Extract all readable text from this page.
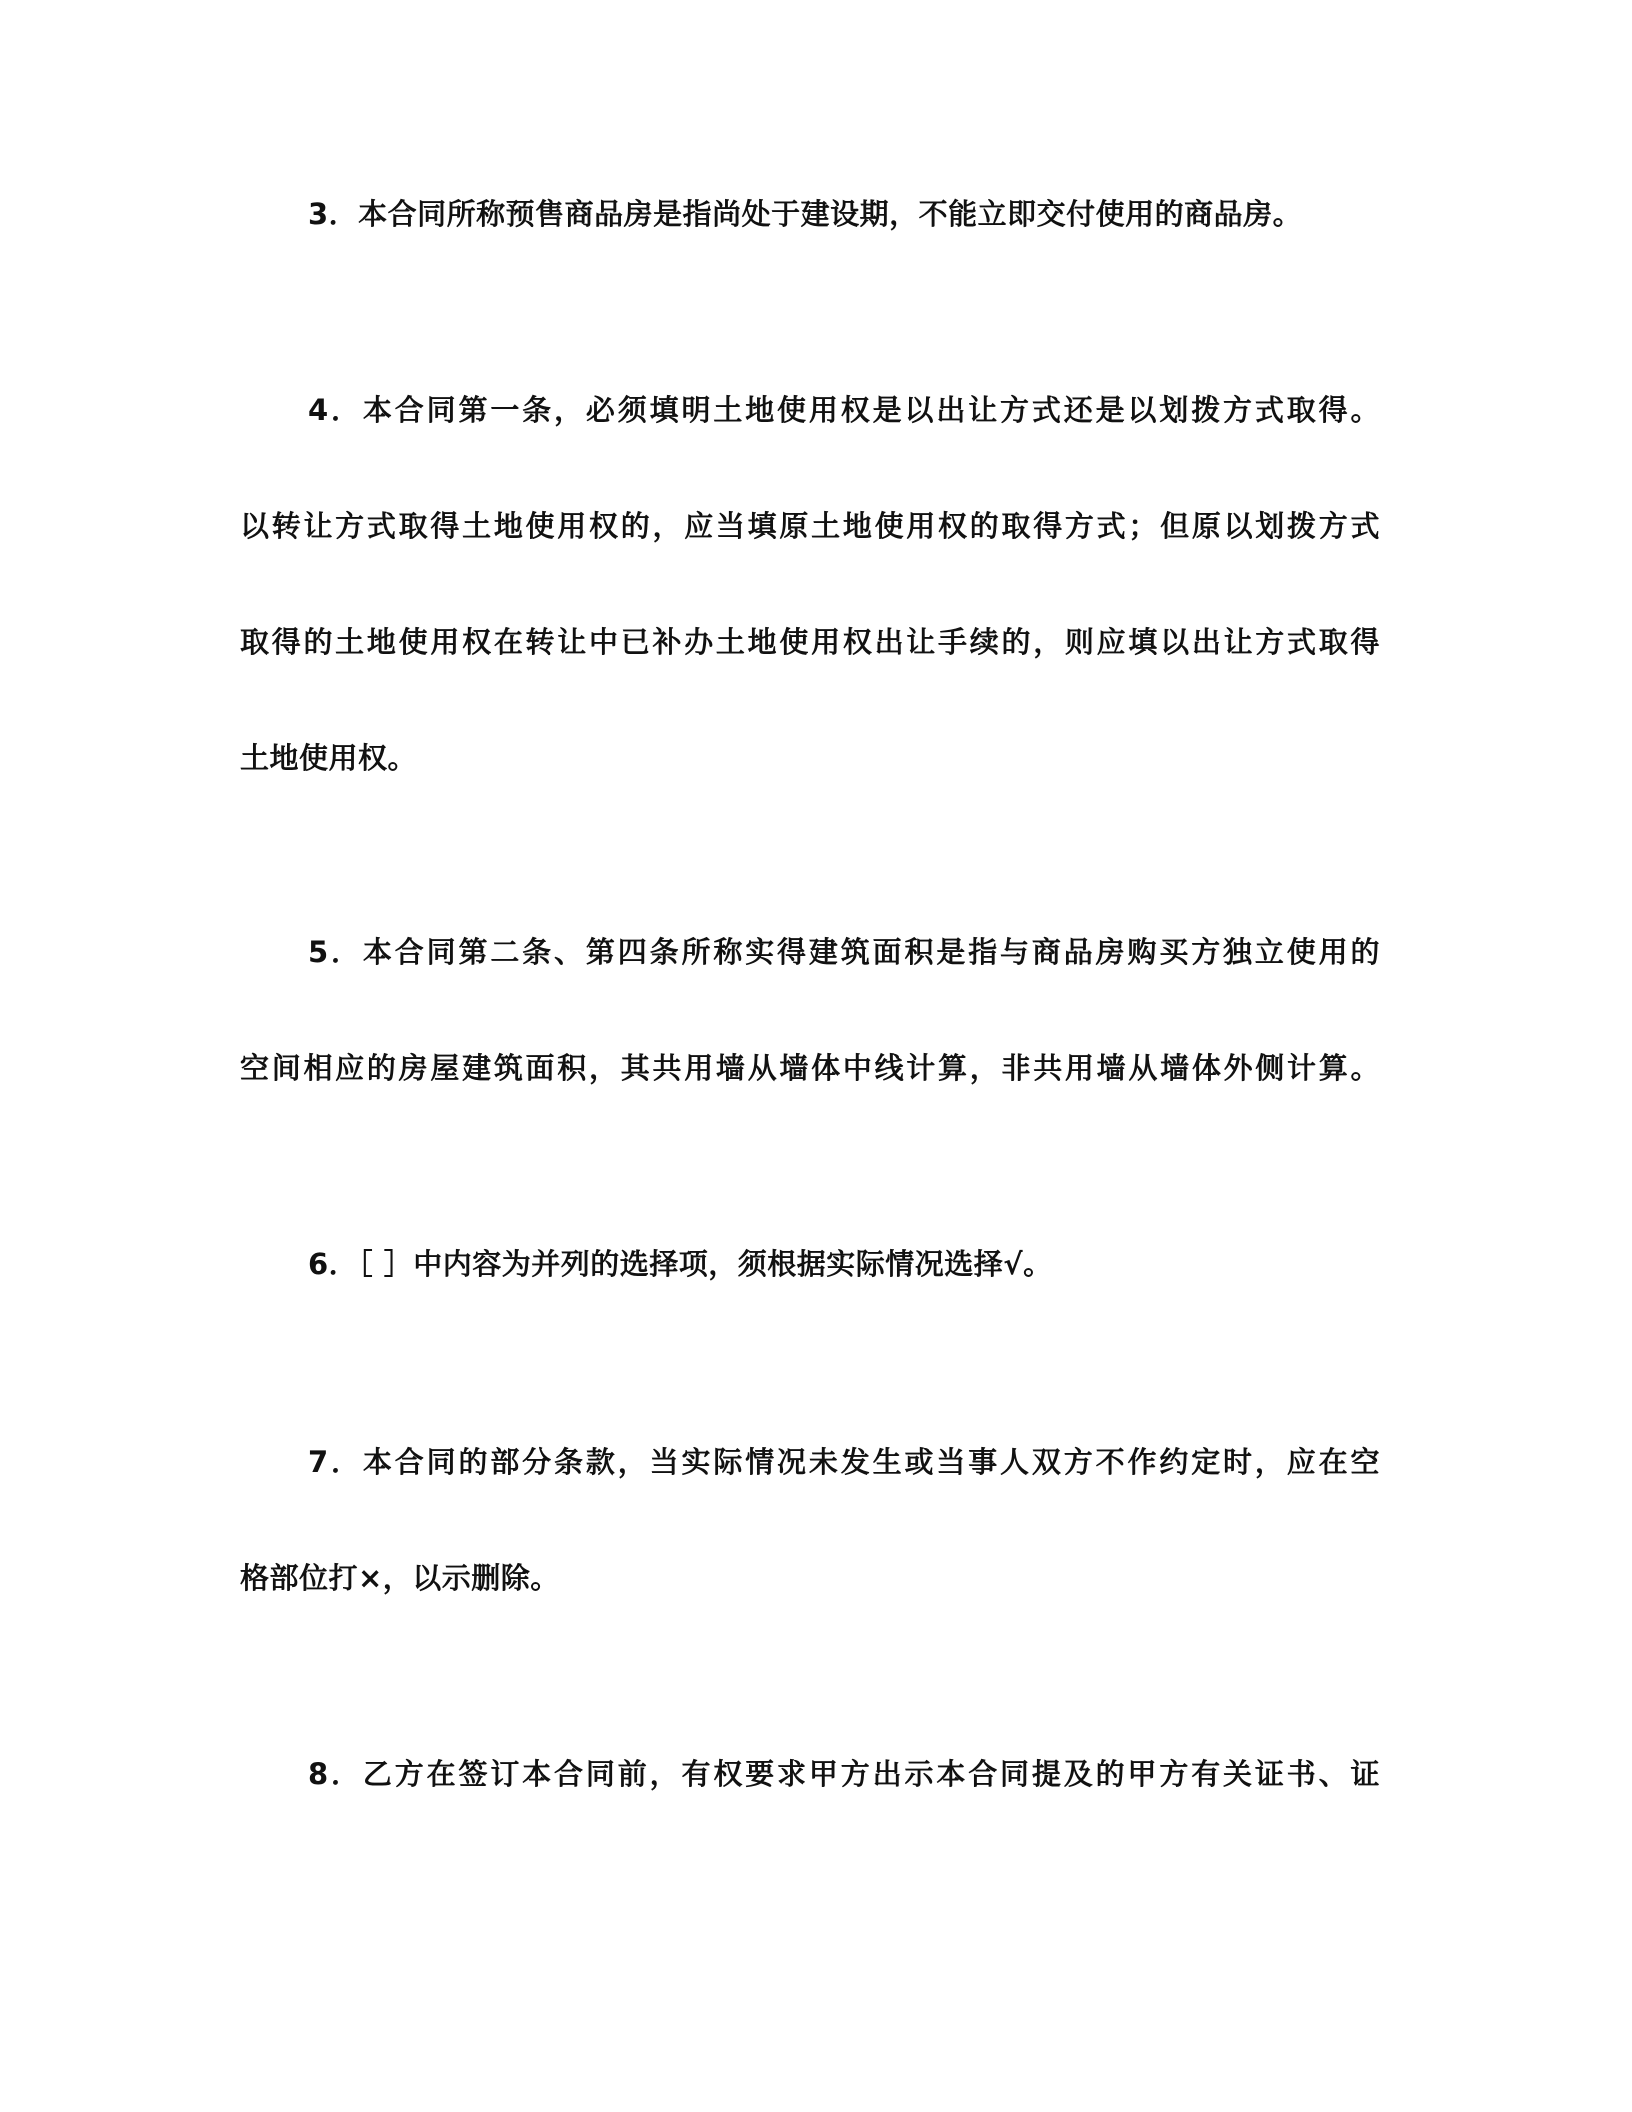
3．本合同所称预售商品房是指尚处于建设期，不能立即交付使用的商品房。
4．本合同第一条，必须填明土地使用权是以出让方式还是以划拨方式取得。
以转让方式取得土地使用权的，应当填原土地使用权的取得方式；但原以划拨方式
取得的土地使用权在转让中已补办土地使用权出让手续的，则应填以出让方式取得
土地使用权。
5．本合同第二条、第四条所称实得建筑面积是指与商品房购买方独立使用的
空间相应的房屋建筑面积，其共用墙从墙体中线计算，非共用墙从墙体外侧计算。
6．［ ］中内容为并列的选择项，须根据实际情况选择√。
7．本合同的部分条款，当实际情况未发生或当事人双方不作约定时，应在空
格部位打×，以示删除。
8．乙方在签订本合同前，有权要求甲方出示本合同提及的甲方有关证书、证
